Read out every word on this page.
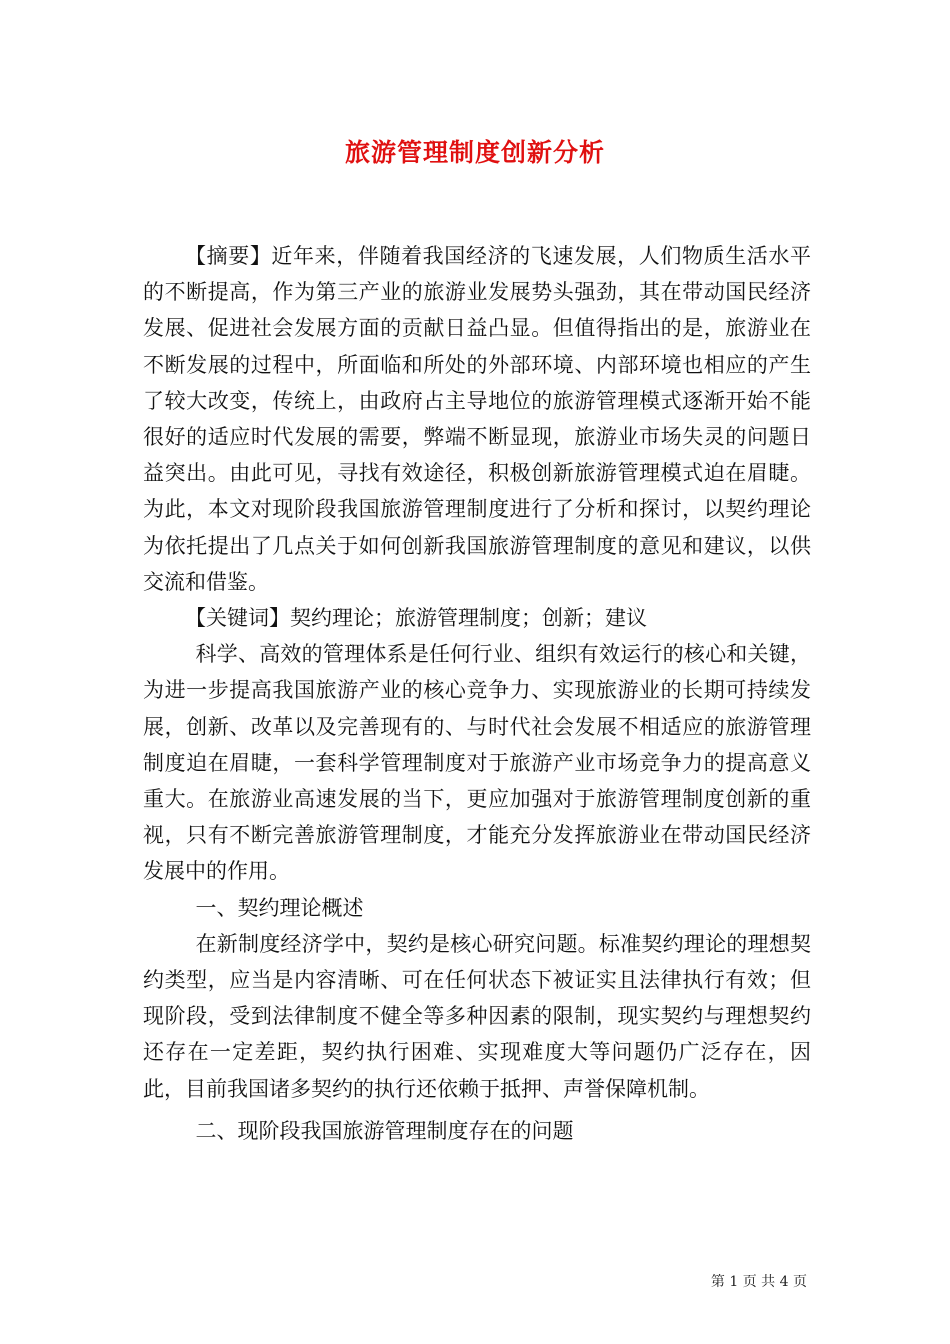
旅游管理制度创新分析

【摘要】近年来，伴随着我国经济的飞速发展，人们物质生活水平的不断提高，作为第三产业的旅游业发展势头强劲，其在带动国民经济发展、促进社会发展方面的贡献日益凸显。但值得指出的是，旅游业在不断发展的过程中，所面临和所处的外部环境、内部环境也相应的产生了较大改变，传统上，由政府占主导地位的旅游管理模式逐渐开始不能很好的适应时代发展的需要，弊端不断显现，旅游业市场失灵的问题日益突出。由此可见，寻找有效途径，积极创新旅游管理模式迫在眉睫。为此，本文对现阶段我国旅游管理制度进行了分析和探讨，以契约理论为依托提出了几点关于如何创新我国旅游管理制度的意见和建议，以供交流和借鉴。

【关键词】契约理论；旅游管理制度；创新；建议

科学、高效的管理体系是任何行业、组织有效运行的核心和关键，为进一步提高我国旅游产业的核心竞争力、实现旅游业的长期可持续发展，创新、改革以及完善现有的、与时代社会发展不相适应的旅游管理制度迫在眉睫，一套科学管理制度对于旅游产业市场竞争力的提高意义重大。在旅游业高速发展的当下，更应加强对于旅游管理制度创新的重视，只有不断完善旅游管理制度，才能充分发挥旅游业在带动国民经济发展中的作用。

一、契约理论概述

在新制度经济学中，契约是核心研究问题。标准契约理论的理想契约类型，应当是内容清晰、可在任何状态下被证实且法律执行有效；但现阶段，受到法律制度不健全等多种因素的限制，现实契约与理想契约还存在一定差距，契约执行困难、实现难度大等问题仍广泛存在，因此，目前我国诸多契约的执行还依赖于抵押、声誉保障机制。

二、现阶段我国旅游管理制度存在的问题

第 1 页 共 4 页
